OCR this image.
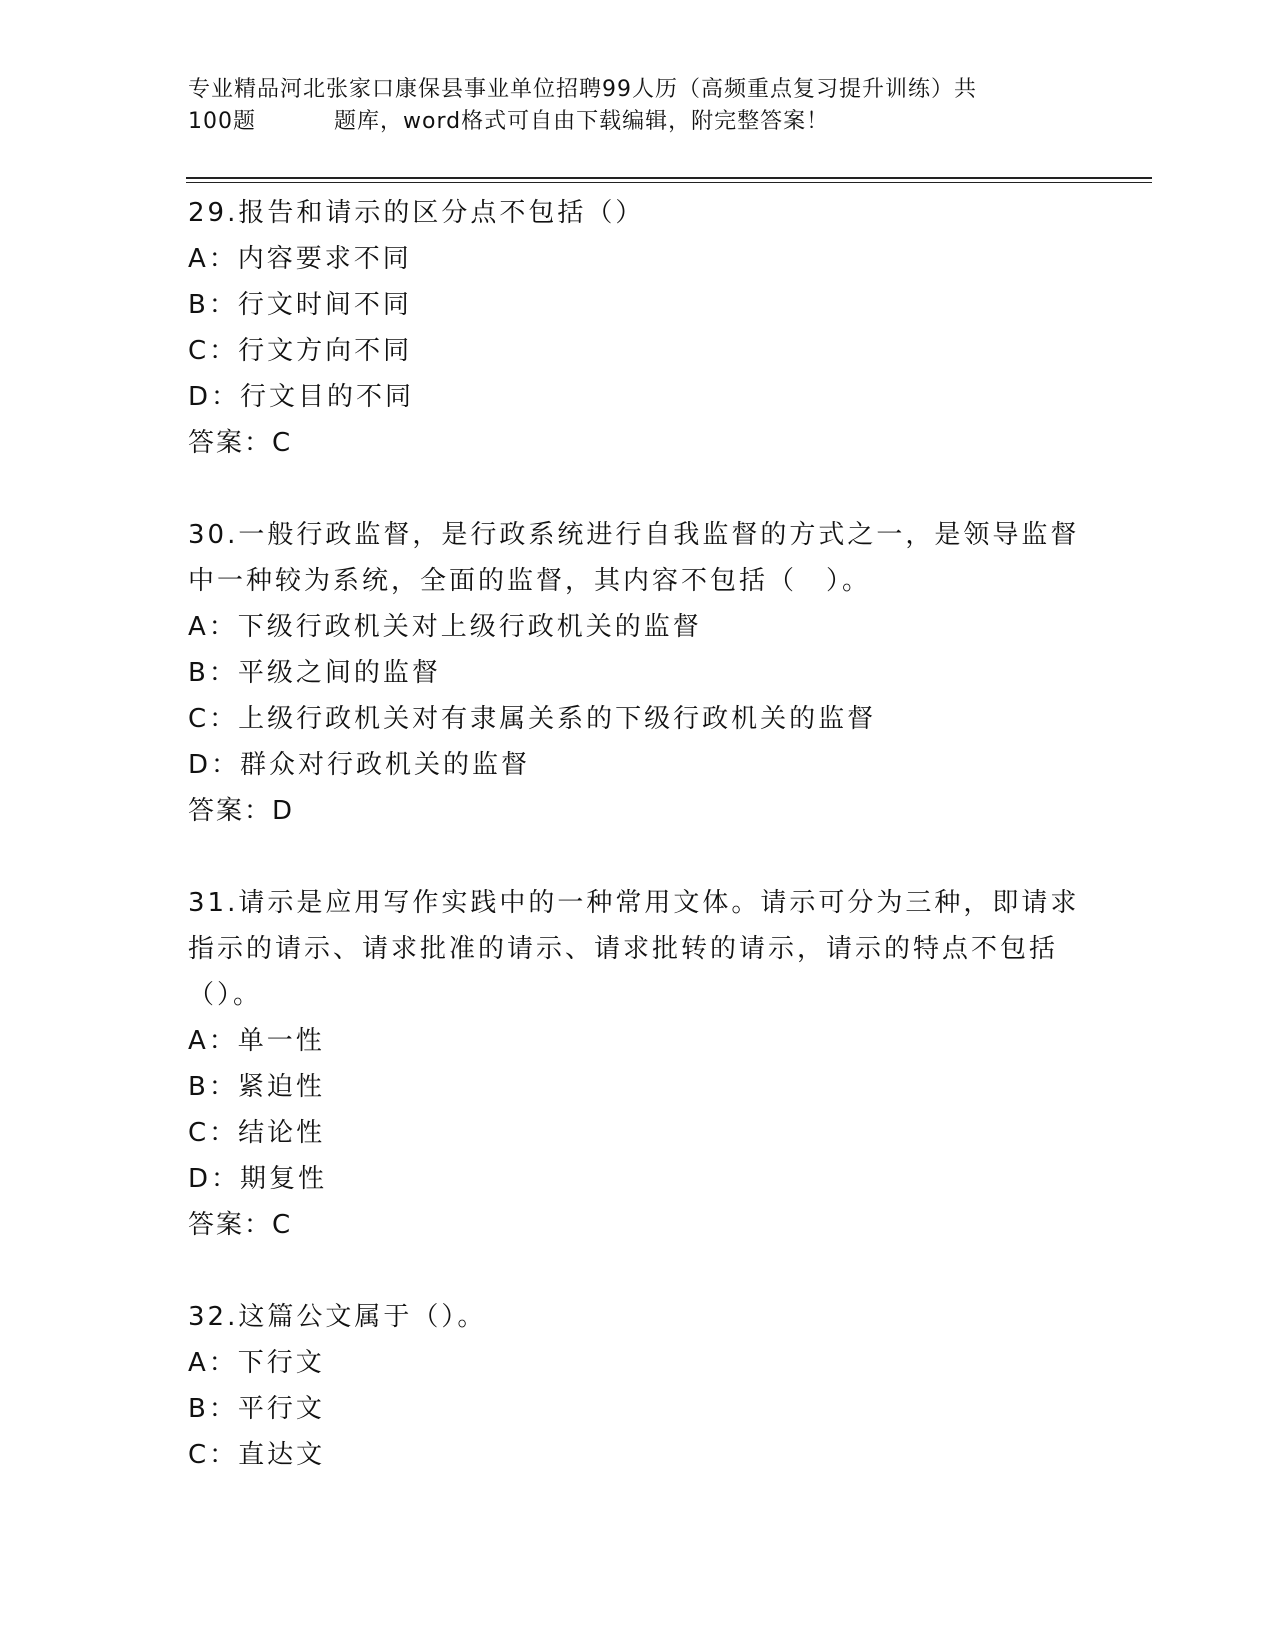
专业精品河北张家口康保县事业单位招聘99人历（高频重点复习提升训练）共
100题	题库，word格式可自由下载编辑，附完整答案！

29.报告和请示的区分点不包括（）

A：内容要求不同

B：行文时间不同

C：行文方向不同

D：行文目的不同

答案：C

30.一般行政监督，是行政系统进行自我监督的方式之一，是领导监督中一种较为系统，全面的监督，其内容不包括（　）。

A：下级行政机关对上级行政机关的监督

B：平级之间的监督

C：上级行政机关对有隶属关系的下级行政机关的监督

D：群众对行政机关的监督

答案：D

31.请示是应用写作实践中的一种常用文体。请示可分为三种，即请求指示的请示、请求批准的请示、请求批转的请示，请示的特点不包括（）。

A：单一性

B：紧迫性

C：结论性

D：期复性

答案：C

32.这篇公文属于（）。

A：下行文

B：平行文

C：直达文
